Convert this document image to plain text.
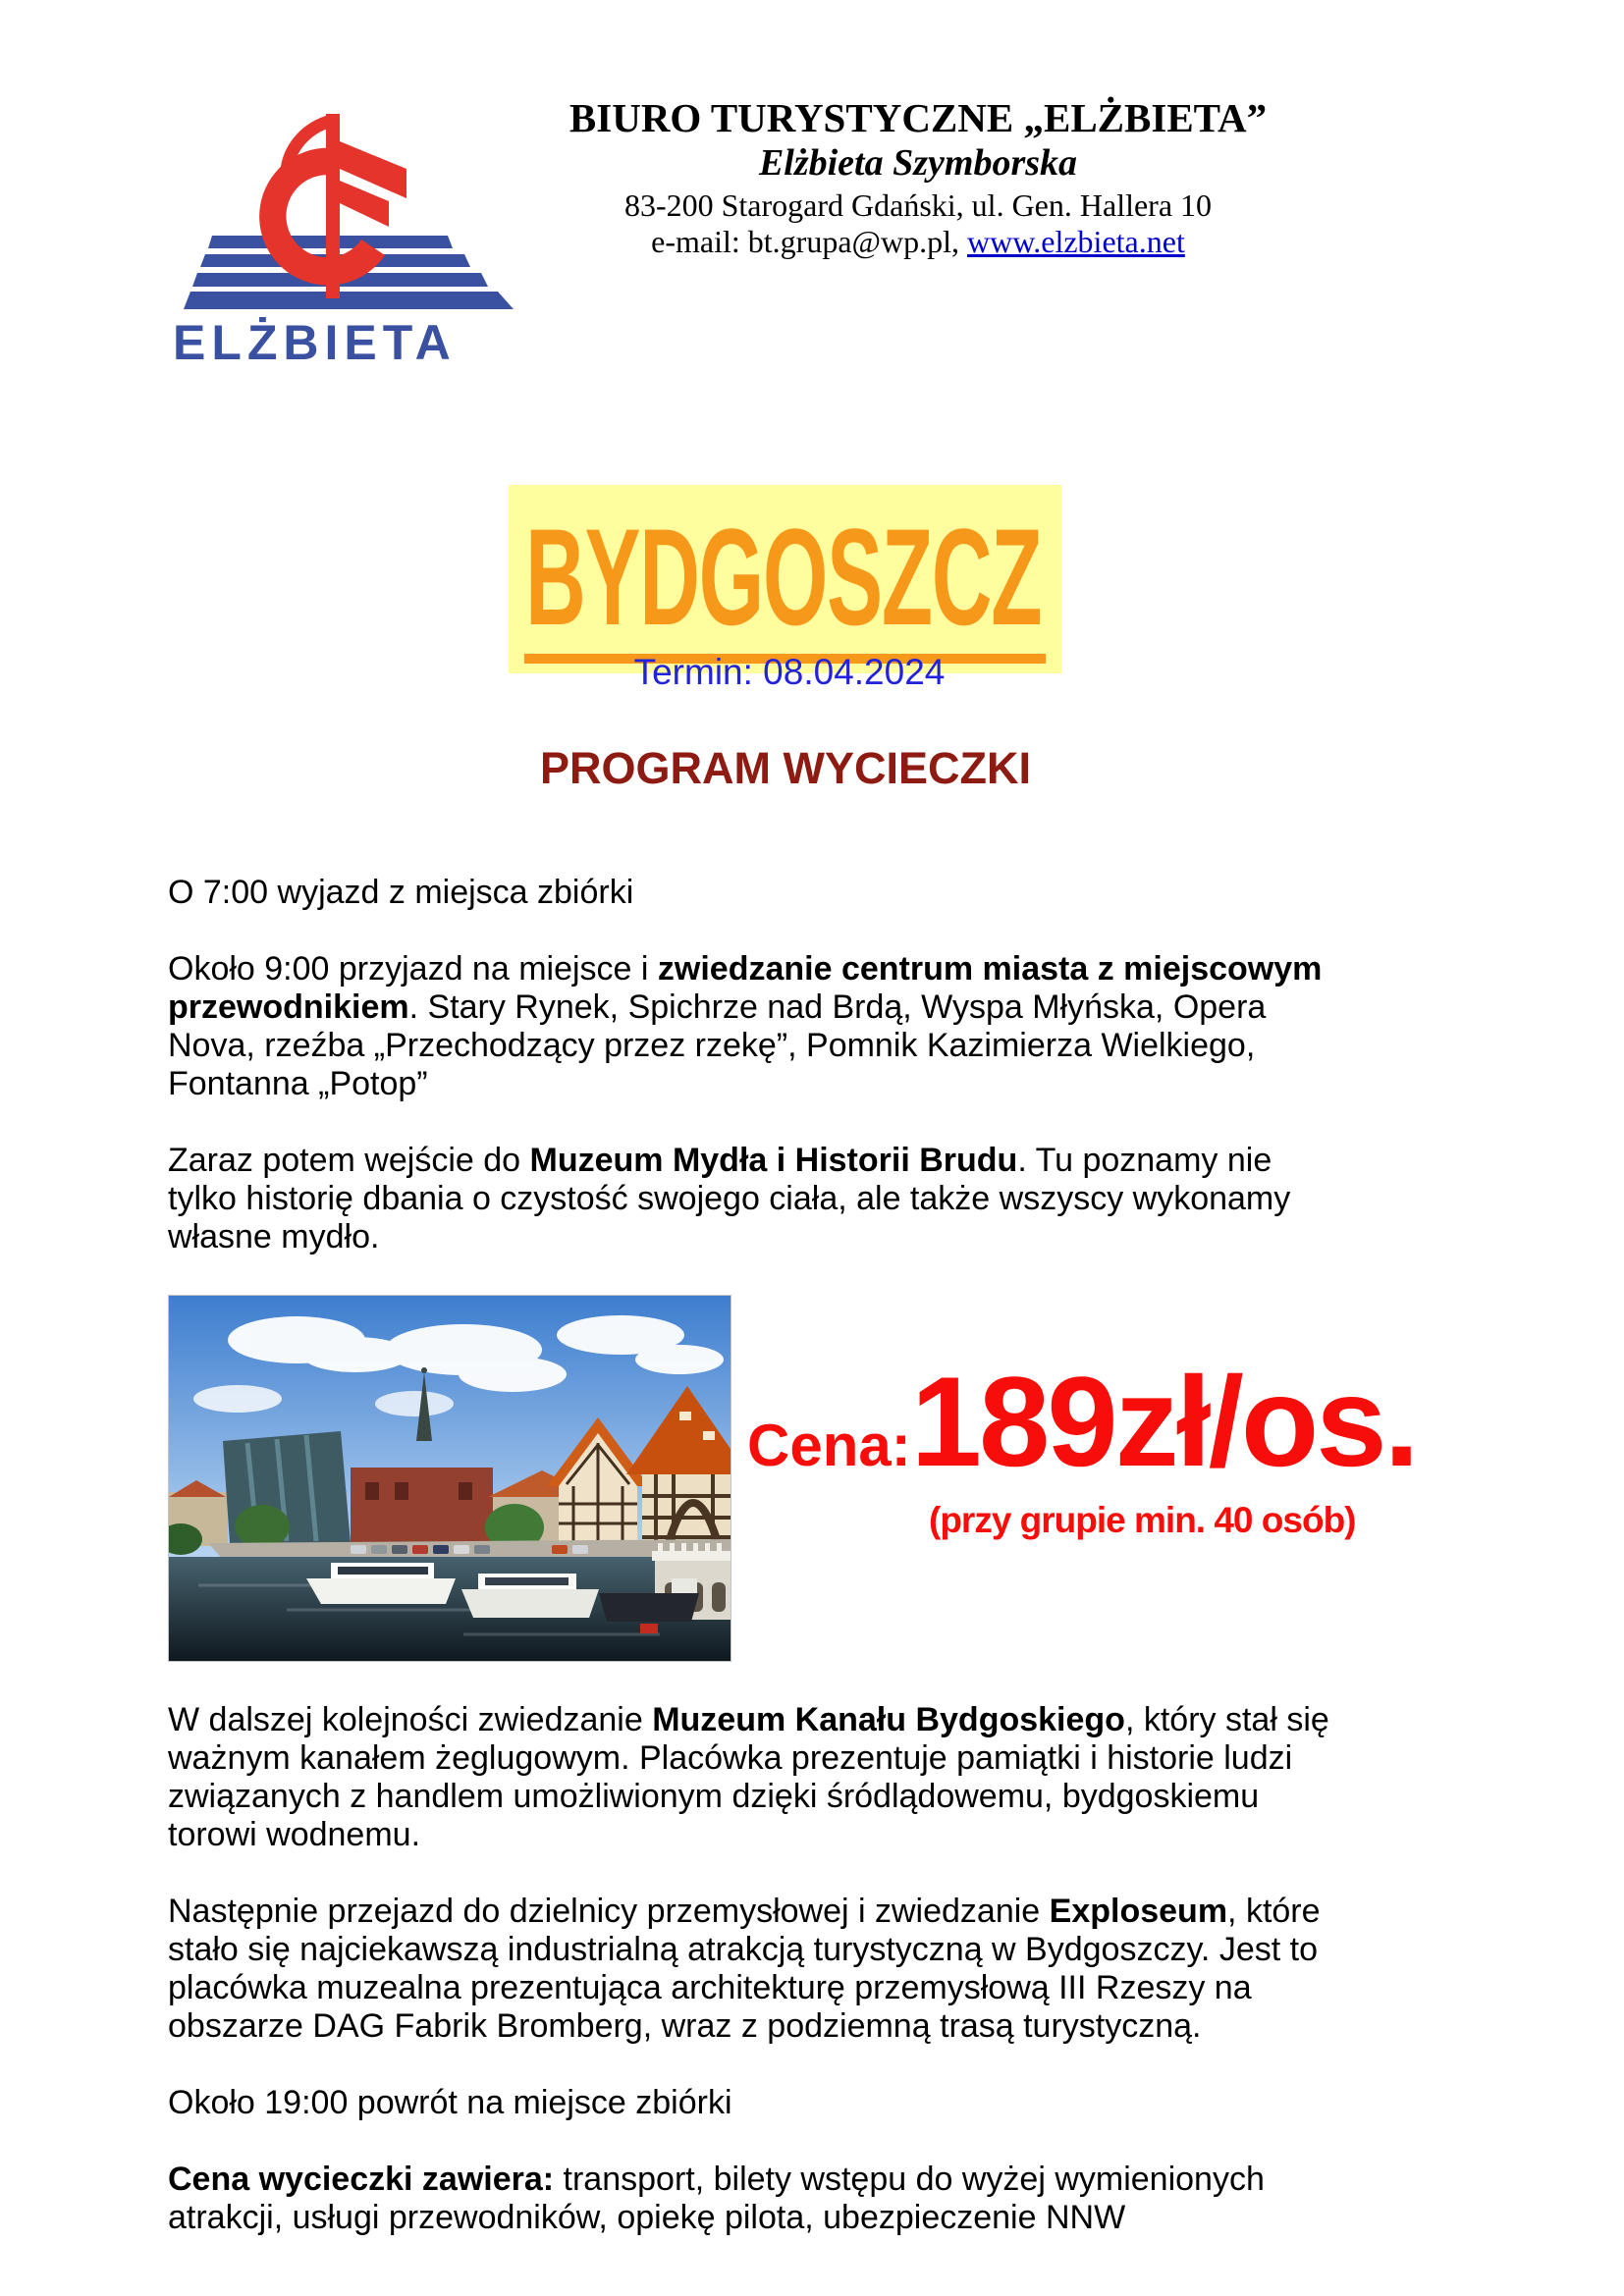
ELŻBIETA
BIURO TURYSTYCZNE „ELŻBIETA”
Elżbieta Szymborska
83-200 Starogard Gdański, ul. Gen. Hallera 10
e-mail: bt.grupa@wp.pl, www.elzbieta.net
BYDGOSZCZ
Termin: 08.04.2024
PROGRAM WYCIECZKI

O 7:00 wyjazd z miejsca zbiórki

Około 9:00 przyjazd na miejsce i zwiedzanie centrum miasta z miejscowym przewodnikiem. Stary Rynek, Spichrze nad Brdą, Wyspa Młyńska, Opera Nova, rzeźba „Przechodzący przez rzekę”, Pomnik Kazimierza Wielkiego, Fontanna „Potop”

Zaraz potem wejście do Muzeum Mydła i Historii Brudu. Tu poznamy nie tylko historię dbania o czystość swojego ciała, ale także wszyscy wykonamy własne mydło.

Cena: 189zł/os.
(przy grupie min. 40 osób)

W dalszej kolejności zwiedzanie Muzeum Kanału Bydgoskiego, który stał się ważnym kanałem żeglugowym. Placówka prezentuje pamiątki i historie ludzi związanych z handlem umożliwionym dzięki śródlądowemu, bydgoskiemu torowi wodnemu.

Następnie przejazd do dzielnicy przemysłowej i zwiedzanie Exploseum, które stało się najciekawszą industrialną atrakcją turystyczną w Bydgoszczy. Jest to placówka muzealna prezentująca architekturę przemysłową III Rzeszy na obszarze DAG Fabrik Bromberg, wraz z podziemną trasą turystyczną.

Około 19:00 powrót na miejsce zbiórki

Cena wycieczki zawiera: transport, bilety wstępu do wyżej wymienionych atrakcji, usługi przewodników, opiekę pilota, ubezpieczenie NNW
